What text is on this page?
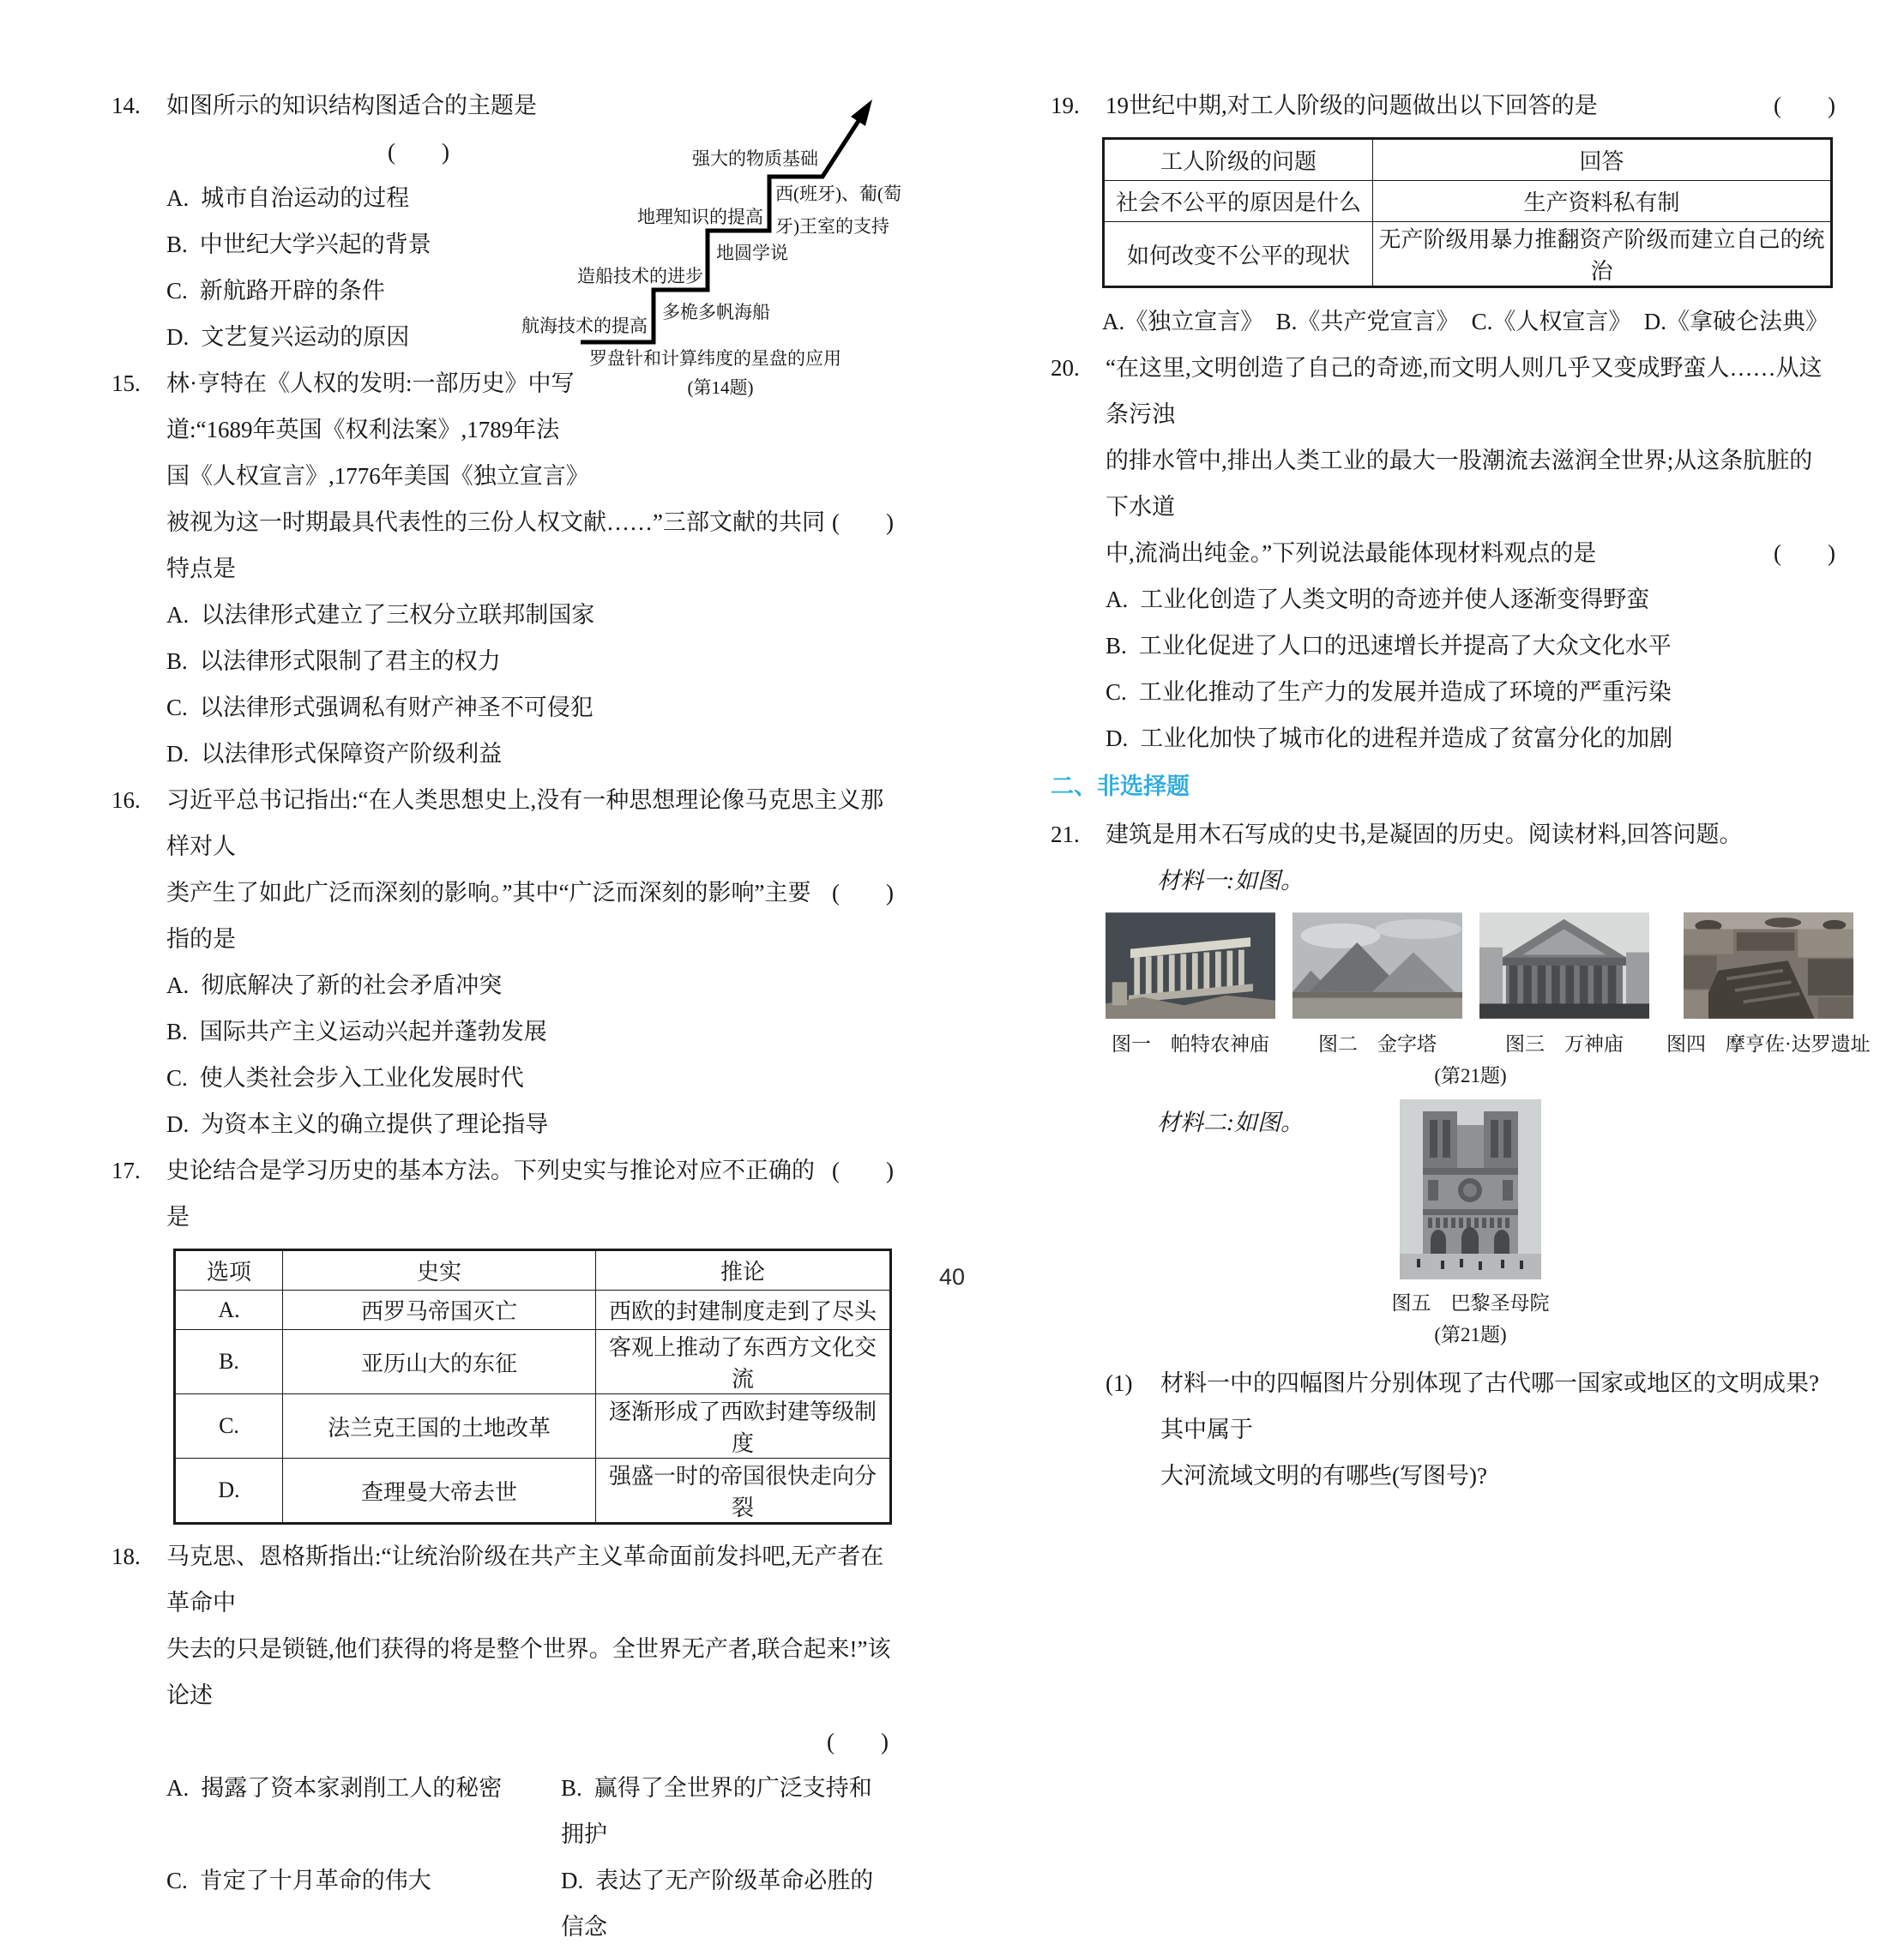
航海技术的提高
造船技术的进步
地理知识的提高
强大的物质基础
罗盘针和计算纬度的星盘的应用
多桅多帆海船
地圆学说
西(班牙)、葡(萄
牙)王室的支持
(第14题)
14.	如图所示的知识结构图适合的主题是
(　　)
A. 城市自治运动的过程
B. 中世纪大学兴起的背景
C. 新航路开辟的条件
D. 文艺复兴运动的原因
15.	林·亨特在《人权的发明:一部历史》中写
道:“1689年英国《权利法案》,1789年法
国《人权宣言》,1776年美国《独立宣言》
被视为这一时期最具代表性的三份人权文献……”三部文献的共同特点是
(　　)
A. 以法律形式建立了三权分立联邦制国家
B. 以法律形式限制了君主的权力
C. 以法律形式强调私有财产神圣不可侵犯
D. 以法律形式保障资产阶级利益
16.	习近平总书记指出:“在人类思想史上,没有一种思想理论像马克思主义那样对人
类产生了如此广泛而深刻的影响。”其中“广泛而深刻的影响”主要指的是
(　　)
A. 彻底解决了新的社会矛盾冲突
B. 国际共产主义运动兴起并蓬勃发展
C. 使人类社会步入工业化发展时代
D. 为资本主义的确立提供了理论指导
17.	史论结合是学习历史的基本方法。下列史实与推论对应不正确的是
(　　)
选项	史实	推论
A.	西罗马帝国灭亡	西欧的封建制度走到了尽头
B.	亚历山大的东征	客观上推动了东西方文化交流
C.	法兰克王国的土地改革	逐渐形成了西欧封建等级制度
D.	查理曼大帝去世	强盛一时的帝国很快走向分裂
18.	马克思、恩格斯指出:“让统治阶级在共产主义革命面前发抖吧,无产者在革命中
失去的只是锁链,他们获得的将是整个世界。全世界无产者,联合起来!”该论述
(　　)
A. 揭露了资本家剥削工人的秘密	B. 赢得了全世界的广泛支持和拥护
C. 肯定了十月革命的伟大	D. 表达了无产阶级革命必胜的信念
19.	19世纪中期,对工人阶级的问题做出以下回答的是	(　　)
工人阶级的问题	回答
社会不公平的原因是什么	生产资料私有制
如何改变不公平的现状	无产阶级用暴力推翻资产阶级而建立自己的统治
A.《独立宣言》 B.《共产党宣言》 C.《人权宣言》 D.《拿破仑法典》
20.	“在这里,文明创造了自己的奇迹,而文明人则几乎又变成野蛮人……从这条污浊
的排水管中,排出人类工业的最大一股潮流去滋润全世界;从这条肮脏的下水道
中,流淌出纯金。”下列说法最能体现材料观点的是	(　　)
A. 工业化创造了人类文明的奇迹并使人逐渐变得野蛮
B. 工业化促进了人口的迅速增长并提高了大众文化水平
C. 工业化推动了生产力的发展并造成了环境的严重污染
D. 工业化加快了城市化的进程并造成了贫富分化的加剧
二、非选择题
21.	建筑是用木石写成的史书,是凝固的历史。阅读材料,回答问题。
材料一:如图。
图一　帕特农神庙 图二　金字塔	图三　万神庙 图四　摩亨佐·达罗遗址
(第21题)
材料二:如图。
图五　巴黎圣母院
(第21题)
(1)	材料一中的四幅图片分别体现了古代哪一国家或地区的文明成果?其中属于
大河流域文明的有哪些(写图号)?
40
